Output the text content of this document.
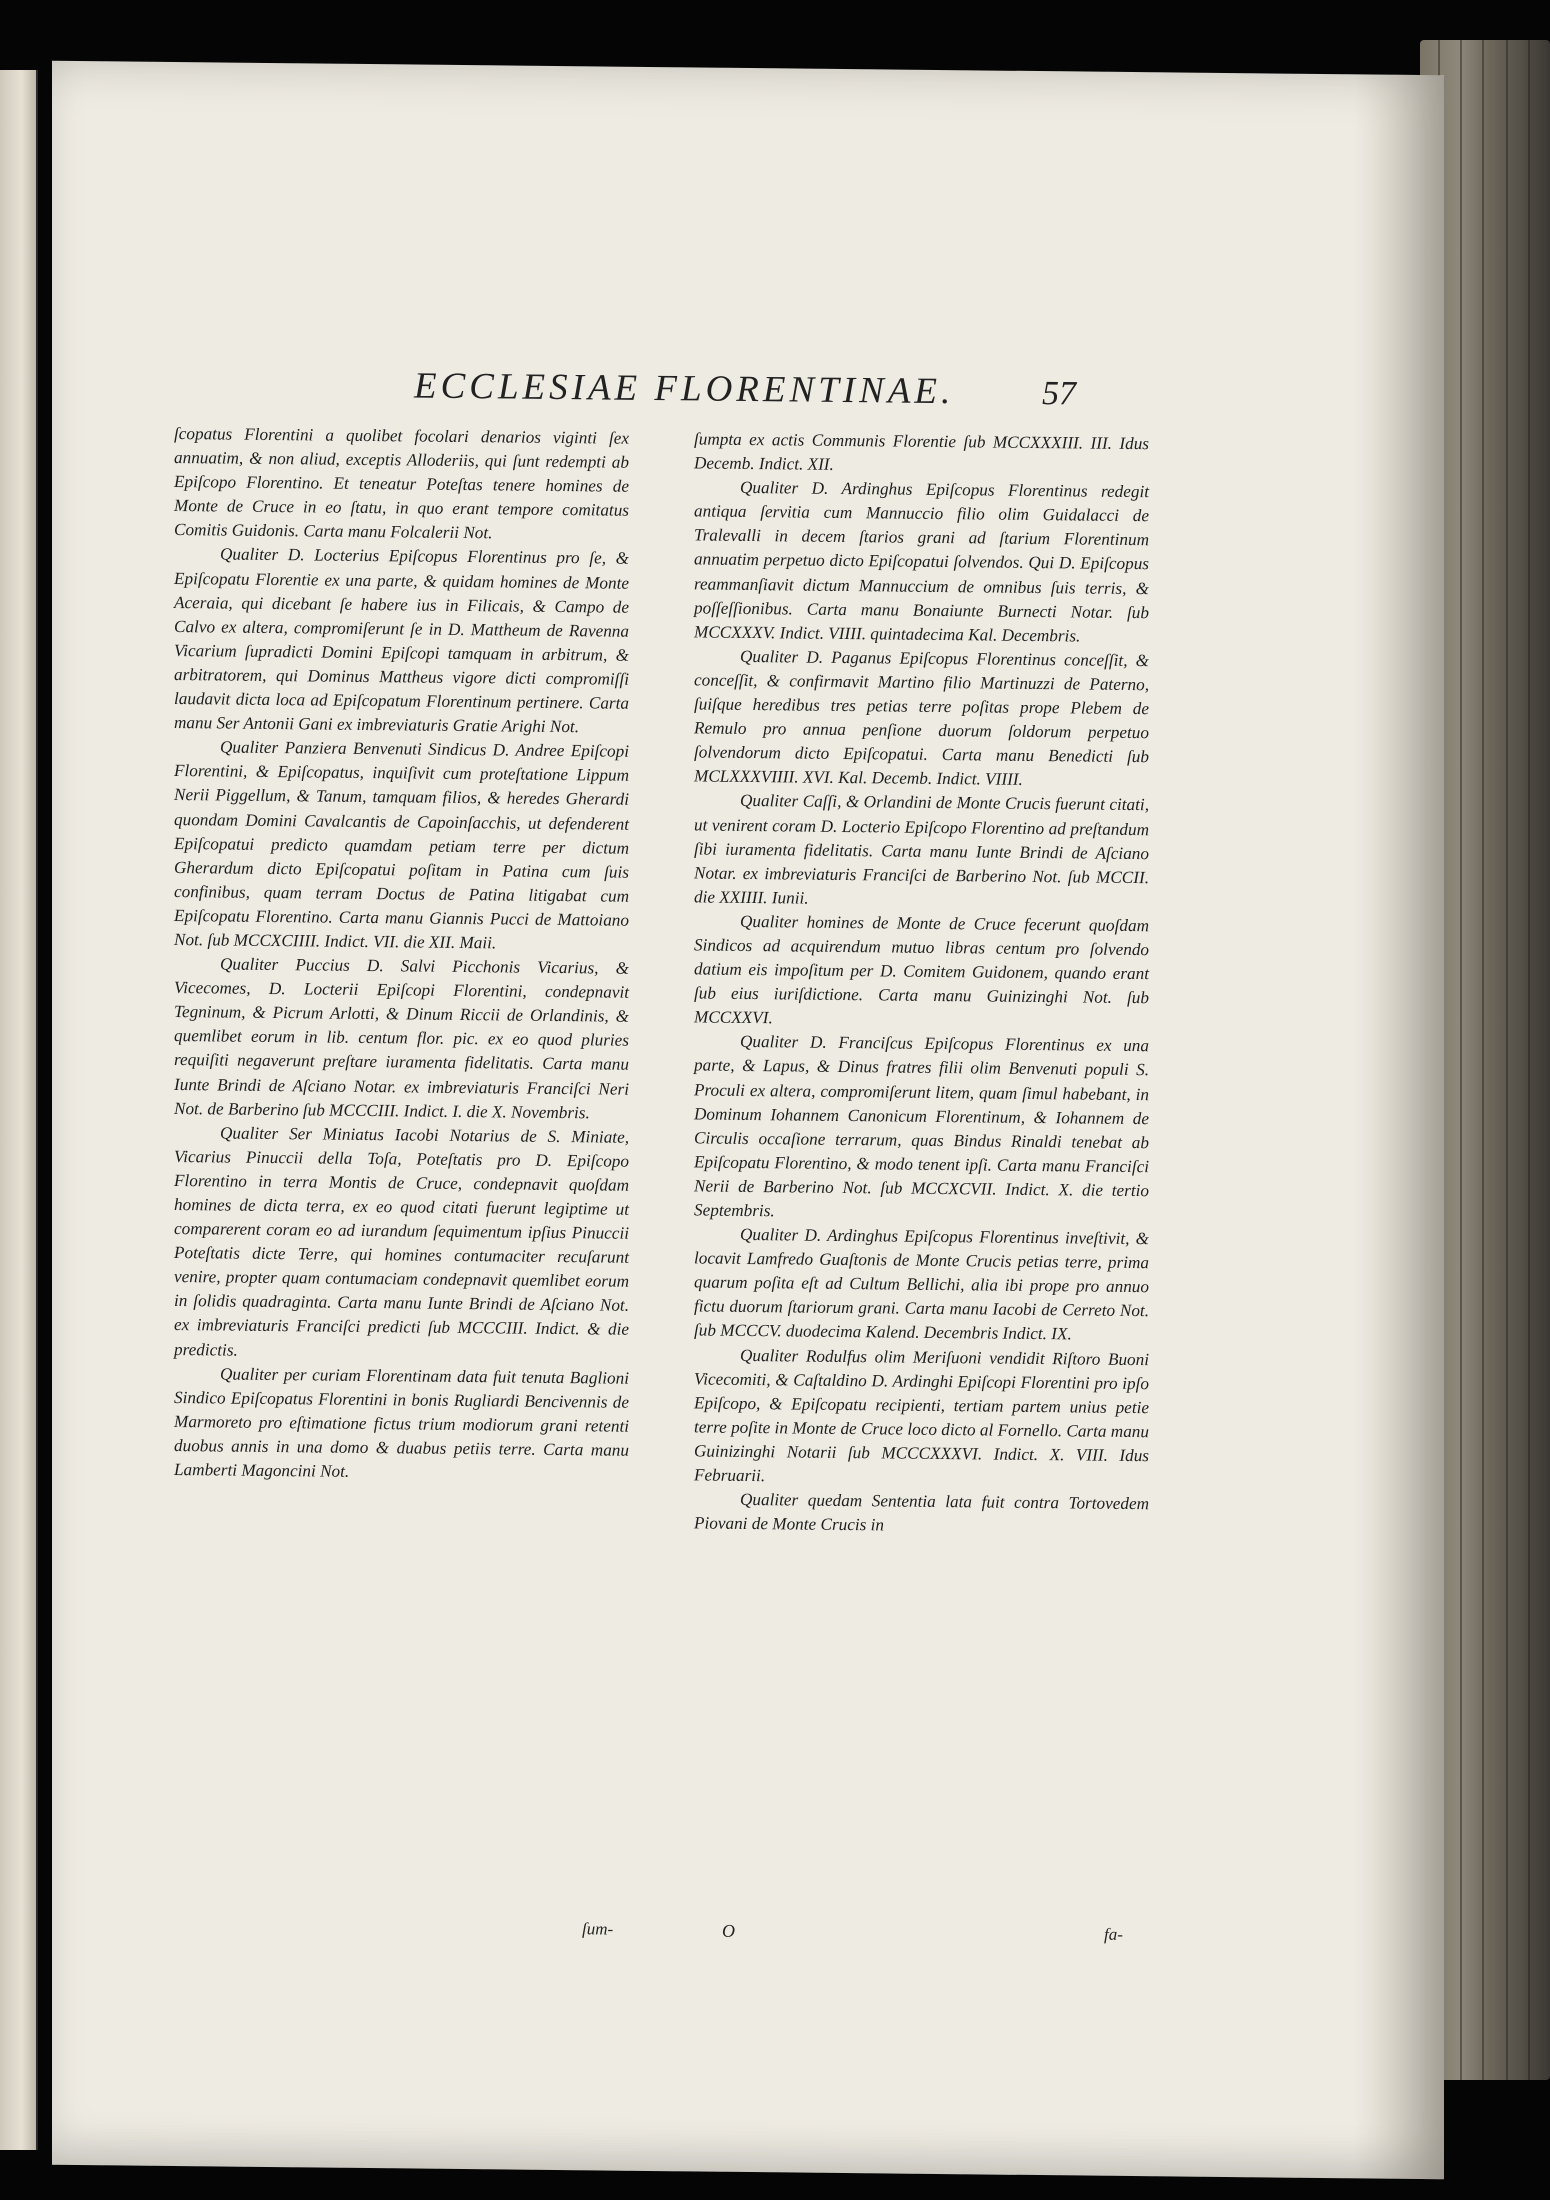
ECCLESIAE FLORENTINAE.	57

ſcopatus Florentini a quolibet focolari denarios viginti ſex annuatim, & non aliud, exceptis Alloderiis, qui ſunt redempti ab Epiſcopo Florentino. Et teneatur Poteſtas tenere homines de Monte de Cruce in eo ſtatu, in quo erant tempore comitatus Comitis Guidonis. Carta manu Folcalerii Not.

Qualiter D. Locterius Epiſcopus Florentinus pro ſe, & Epiſcopatu Florentie ex una parte, & quidam homines de Monte Aceraia, qui dicebant ſe habere ius in Filicais, & Campo de Calvo ex altera, compromiſerunt ſe in D. Mattheum de Ravenna Vicarium ſupradicti Domini Epiſcopi tamquam in arbitrum, & arbitratorem, qui Dominus Mattheus vigore dicti compromiſſi laudavit dicta loca ad Epiſcopatum Florentinum pertinere. Carta manu Ser Antonii Gani ex imbreviaturis Gratie Arighi Not.

Qualiter Panziera Benvenuti Sindicus D. Andree Epiſcopi Florentini, & Epiſcopatus, inquiſivit cum proteſtatione Lippum Nerii Piggellum, & Tanum, tamquam filios, & heredes Gherardi quondam Domini Cavalcantis de Capoinſacchis, ut defenderent Epiſcopatui predicto quamdam petiam terre per dictum Gherardum dicto Epiſcopatui poſitam in Patina cum ſuis confinibus, quam terram Doctus de Patina litigabat cum Epiſcopatu Florentino. Carta manu Giannis Pucci de Mattoiano Not. ſub MCCXCIIII. Indict. VII. die XII. Maii.

Qualiter Puccius D. Salvi Picchonis Vicarius, & Vicecomes, D. Locterii Epiſcopi Florentini, condepnavit Tegninum, & Picrum Arlotti, & Dinum Riccii de Orlandinis, & quemlibet eorum in lib. centum flor. pic. ex eo quod pluries requiſiti negaverunt preſtare iuramenta fidelitatis. Carta manu Iunte Brindi de Aſciano Notar. ex imbreviaturis Franciſci Neri Not. de Barberino ſub MCCCIII. Indict. I. die X. Novembris.

Qualiter Ser Miniatus Iacobi Notarius de S. Miniate, Vicarius Pinuccii della Toſa, Poteſtatis pro D. Epiſcopo Florentino in terra Montis de Cruce, condepnavit quoſdam homines de dicta terra, ex eo quod citati fuerunt legiptime ut comparerent coram eo ad iurandum ſequimentum ipſius Pinuccii Poteſtatis dicte Terre, qui homines contumaciter recuſarunt venire, propter quam contumaciam condepnavit quemlibet eorum in ſolidis quadraginta. Carta manu Iunte Brindi de Aſciano Not. ex imbreviaturis Franciſci predicti ſub MCCCIII. Indict. & die predictis.

Qualiter per curiam Florentinam data fuit tenuta Baglioni Sindico Epiſcopatus Florentini in bonis Rugliardi Bencivennis de Marmoreto pro eſtimatione fictus trium modiorum grani retenti duobus annis in una domo & duabus petiis terre. Carta manu Lamberti Magoncini Not.

ſumpta ex actis Communis Florentie ſub MCCXXXIII. III. Idus Decemb. Indict. XII.

Qualiter D. Ardinghus Epiſcopus Florentinus redegit antiqua ſervitia cum Mannuccio filio olim Guidalacci de Tralevalli in decem ſtarios grani ad ſtarium Florentinum annuatim perpetuo dicto Epiſcopatui ſolvendos. Qui D. Epiſcopus reammanſiavit dictum Mannuccium de omnibus ſuis terris, & poſſeſſionibus. Carta manu Bonaiunte Burnecti Notar. ſub MCCXXXV. Indict. VIIII. quintadecima Kal. Decembris.

Qualiter D. Paganus Epiſcopus Florentinus conceſſit, & conceſſit, & confirmavit Martino filio Martinuzzi de Paterno, ſuiſque heredibus tres petias terre poſitas prope Plebem de Remulo pro annua penſione duorum ſoldorum perpetuo ſolvendorum dicto Epiſcopatui. Carta manu Benedicti ſub MCLXXXVIIII. XVI. Kal. Decemb. Indict. VIIII.

Qualiter Caſſi, & Orlandini de Monte Crucis fuerunt citati, ut venirent coram D. Locterio Epiſcopo Florentino ad preſtandum ſibi iuramenta fidelitatis. Carta manu Iunte Brindi de Aſciano Notar. ex imbreviaturis Franciſci de Barberino Not. ſub MCCII. die XXIIII. Iunii.

Qualiter homines de Monte de Cruce fecerunt quoſdam Sindicos ad acquirendum mutuo libras centum pro ſolvendo datium eis impoſitum per D. Comitem Guidonem, quando erant ſub eius iuriſdictione. Carta manu Guinizinghi Not. ſub MCCXXVI.

Qualiter D. Franciſcus Epiſcopus Florentinus ex una parte, & Lapus, & Dinus fratres filii olim Benvenuti populi S. Proculi ex altera, compromiſerunt litem, quam ſimul habebant, in Dominum Iohannem Canonicum Florentinum, & Iohannem de Circulis occaſione terrarum, quas Bindus Rinaldi tenebat ab Epiſcopatu Florentino, & modo tenent ipſi. Carta manu Franciſci Nerii de Barberino Not. ſub MCCXCVII. Indict. X. die tertio Septembris.

Qualiter D. Ardinghus Epiſcopus Florentinus inveſtivit, & locavit Lamfredo Guaſtonis de Monte Crucis petias terre, prima quarum poſita eſt ad Cultum Bellichi, alia ibi prope pro annuo fictu duorum ſtariorum grani. Carta manu Iacobi de Cerreto Not. ſub MCCCV. duodecima Kalend. Decembris Indict. IX.

Qualiter Rodulfus olim Meriſuoni vendidit Riſtoro Buoni Vicecomiti, & Caſtaldino D. Ardinghi Epiſcopi Florentini pro ipſo Epiſcopo, & Epiſcopatu recipienti, tertiam partem unius petie terre poſite in Monte de Cruce loco dicto al Fornello. Carta manu Guinizinghi Notarii ſub MCCCXXXVI. Indict. X. VIII. Idus Februarii.

Qualiter quedam Sententia lata fuit contra Tortovedem Piovani de Monte Crucis in

ſum-	O	fa-
